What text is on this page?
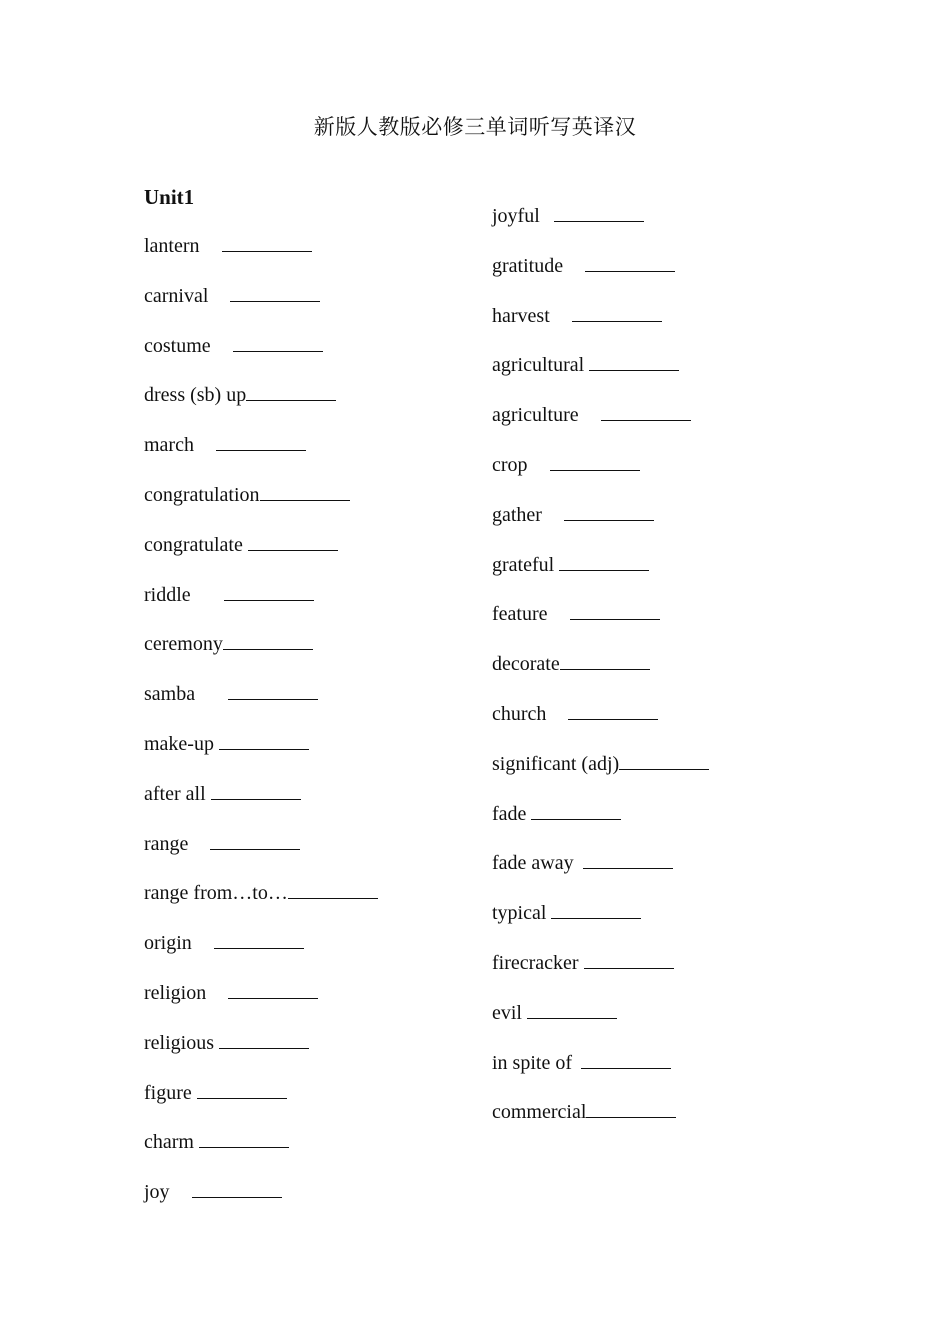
新版人教版必修三单词听写英译汉
Unit1
lantern
carnival
costume
dress (sb) up
march
congratulation
congratulate
riddle
ceremony
samba
make-up
after all
range
range from…to…
origin
religion
religious
figure
charm
joy
joyful
gratitude
harvest
agricultural
agriculture
crop
gather
grateful
feature
decorate
church
significant (adj)
fade
fade away
typical
firecracker
evil
in spite of
commercial
